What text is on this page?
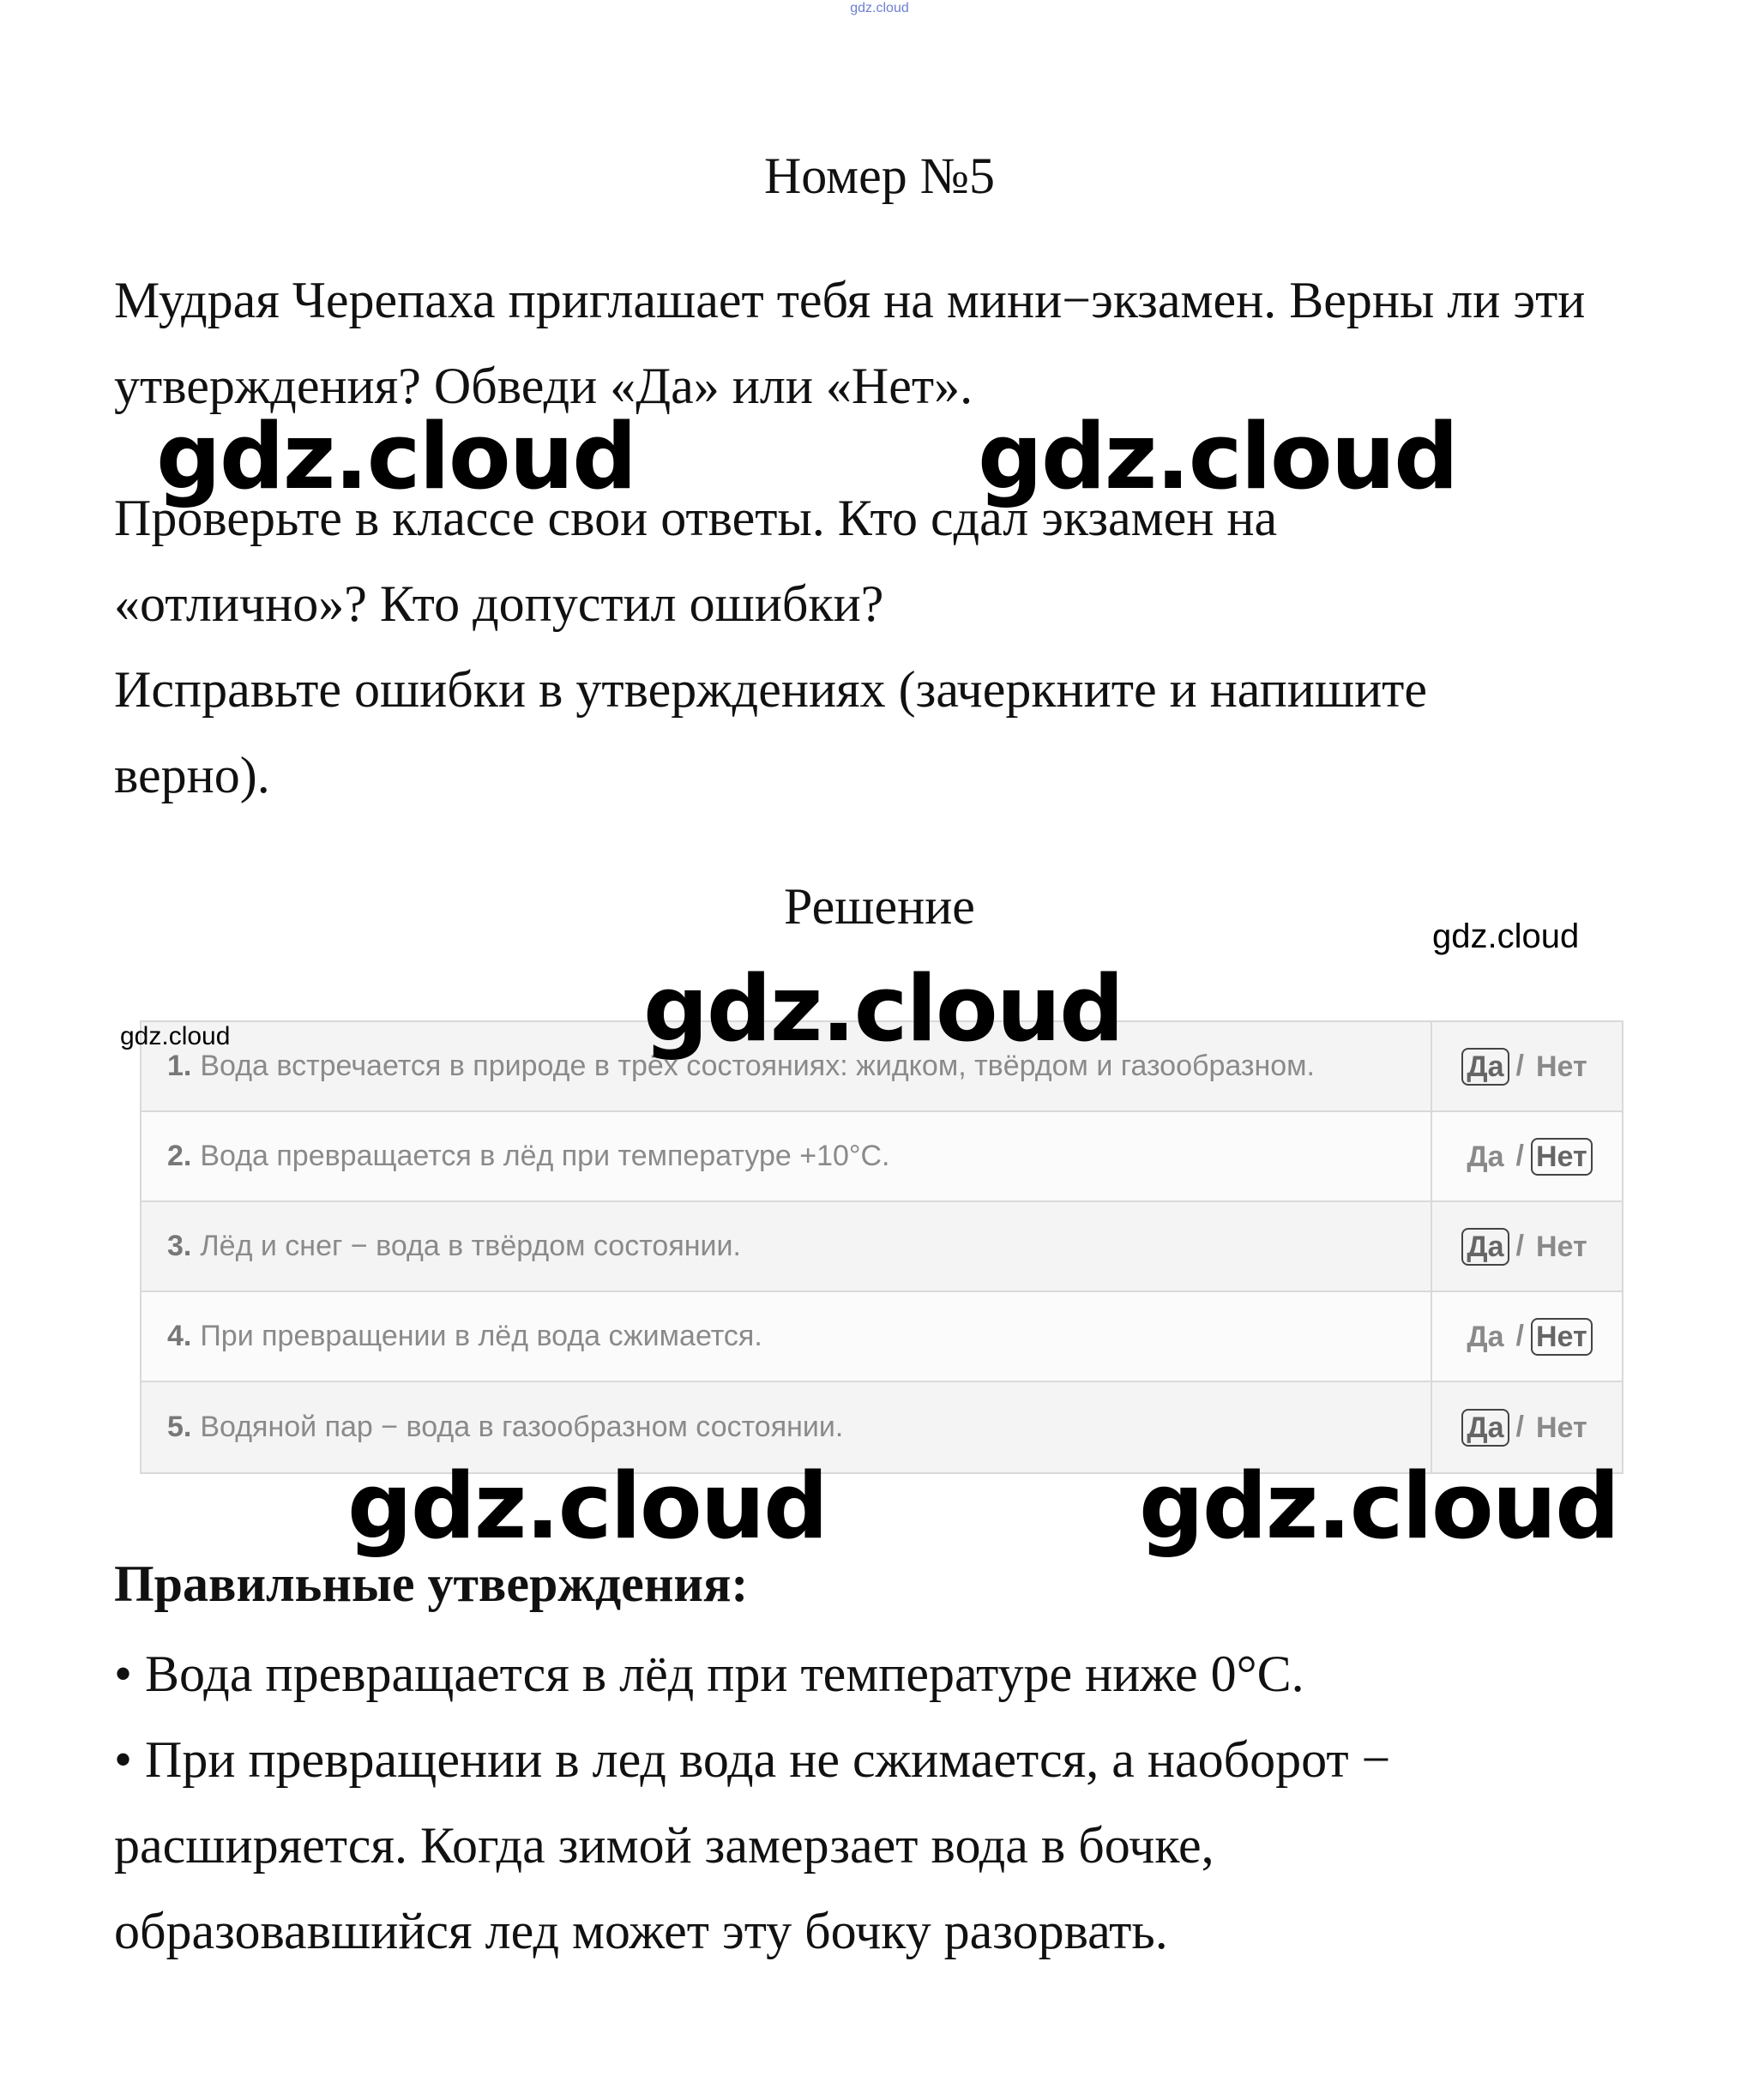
gdz.cloud
Номер №5
Мудрая Черепаха приглашает тебя на мини−экзамен. Верны ли эти утверждения? Обведи «Да» или «Нет».
Проверьте в классе свои ответы. Кто сдал экзамен на
«отлично»? Кто допустил ошибки?
Исправьте ошибки в утверждениях (зачеркните и напишите
верно).
Решение
1. Вода встречается в природе в трёх состояниях: жидком, твёрдом и газообразном.	Да / Нет
2. Вода превращается в лёд при температуре +10°C.	Да / Нет
3. Лёд и снег − вода в твёрдом состоянии.	Да / Нет
4. При превращении в лёд вода сжимается.	Да / Нет
5. Водяной пар − вода в газообразном состоянии.	Да / Нет
Правильные утверждения:
• Вода превращается в лёд при температуре ниже 0°С.
• При превращении в лед вода не сжимается, а наоборот −
расширяется. Когда зимой замерзает вода в бочке,
образовавшийся лед может эту бочку разорвать.
gdz.cloud	gdz.cloud
gdz.cloud
gdz.cloud
gdz.cloud
gdz.cloud	gdz.cloud
